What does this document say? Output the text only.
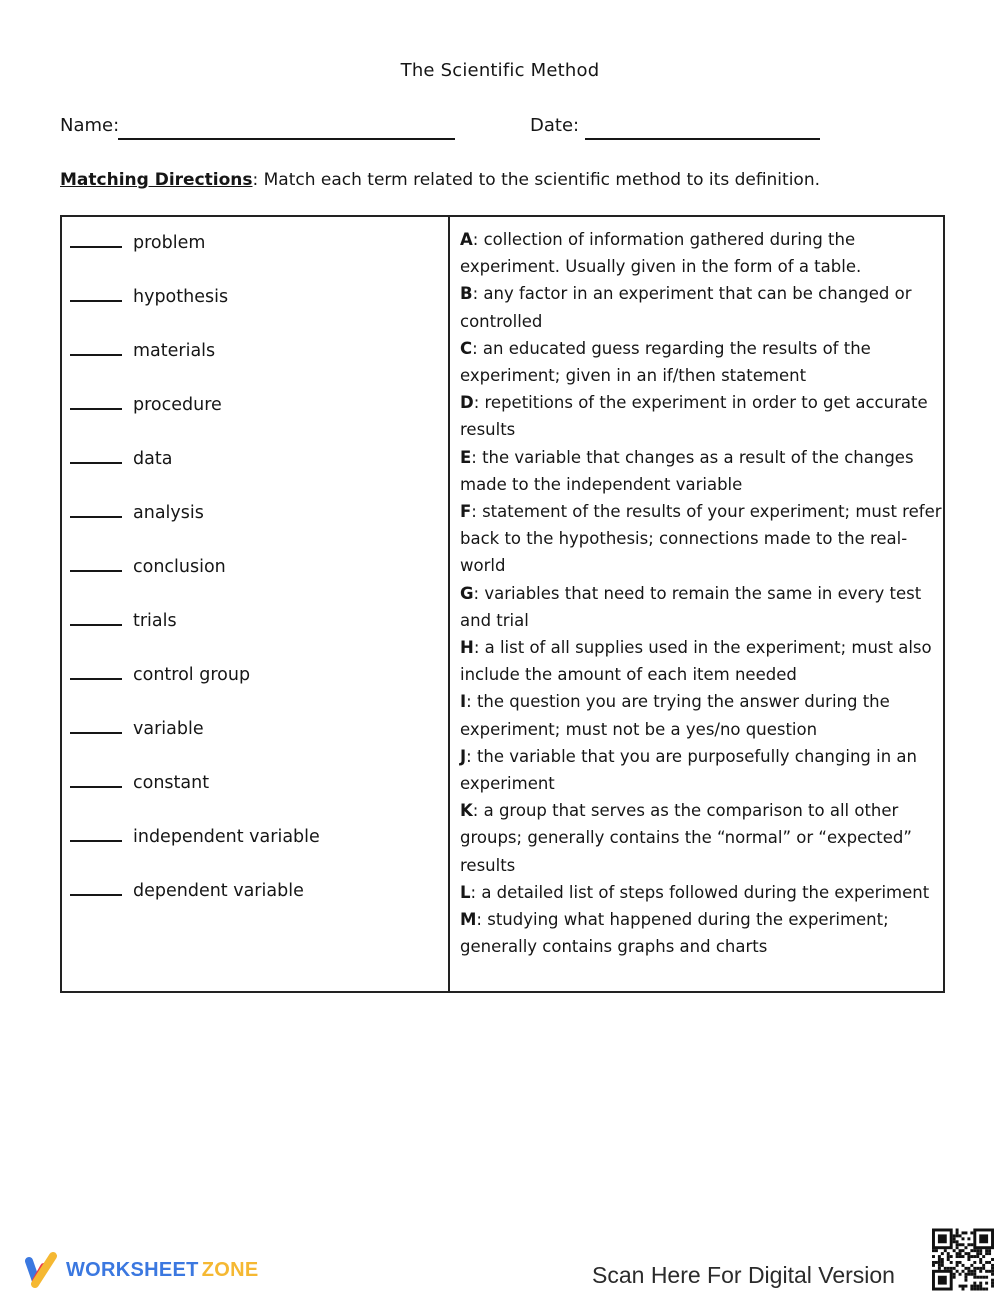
The Scientific Method
Name:	Date:
Matching Directions: Match each term related to the scientific method to its definition.
problem
hypothesis
materials
procedure
data
analysis
conclusion
trials
control group
variable
constant
independent variable
dependent variable
A: collection of information gathered during the experiment. Usually given in the form of a table.
B: any factor in an experiment that can be changed or controlled
C: an educated guess regarding the results of the experiment; given in an if/then statement
D: repetitions of the experiment in order to get accurate results
E: the variable that changes as a result of the changes made to the independent variable
F: statement of the results of your experiment; must refer back to the hypothesis; connections made to the real-world
G: variables that need to remain the same in every test and trial
H: a list of all supplies used in the experiment; must also include the amount of each item needed
I: the question you are trying the answer during the experiment; must not be a yes/no question
J: the variable that you are purposefully changing in an experiment
K: a group that serves as the comparison to all other groups; generally contains the “normal” or “expected” results
L: a detailed list of steps followed during the experiment
M: studying what happened during the experiment; generally contains graphs and charts
WORKSHEET ZONE	Scan Here For Digital Version
